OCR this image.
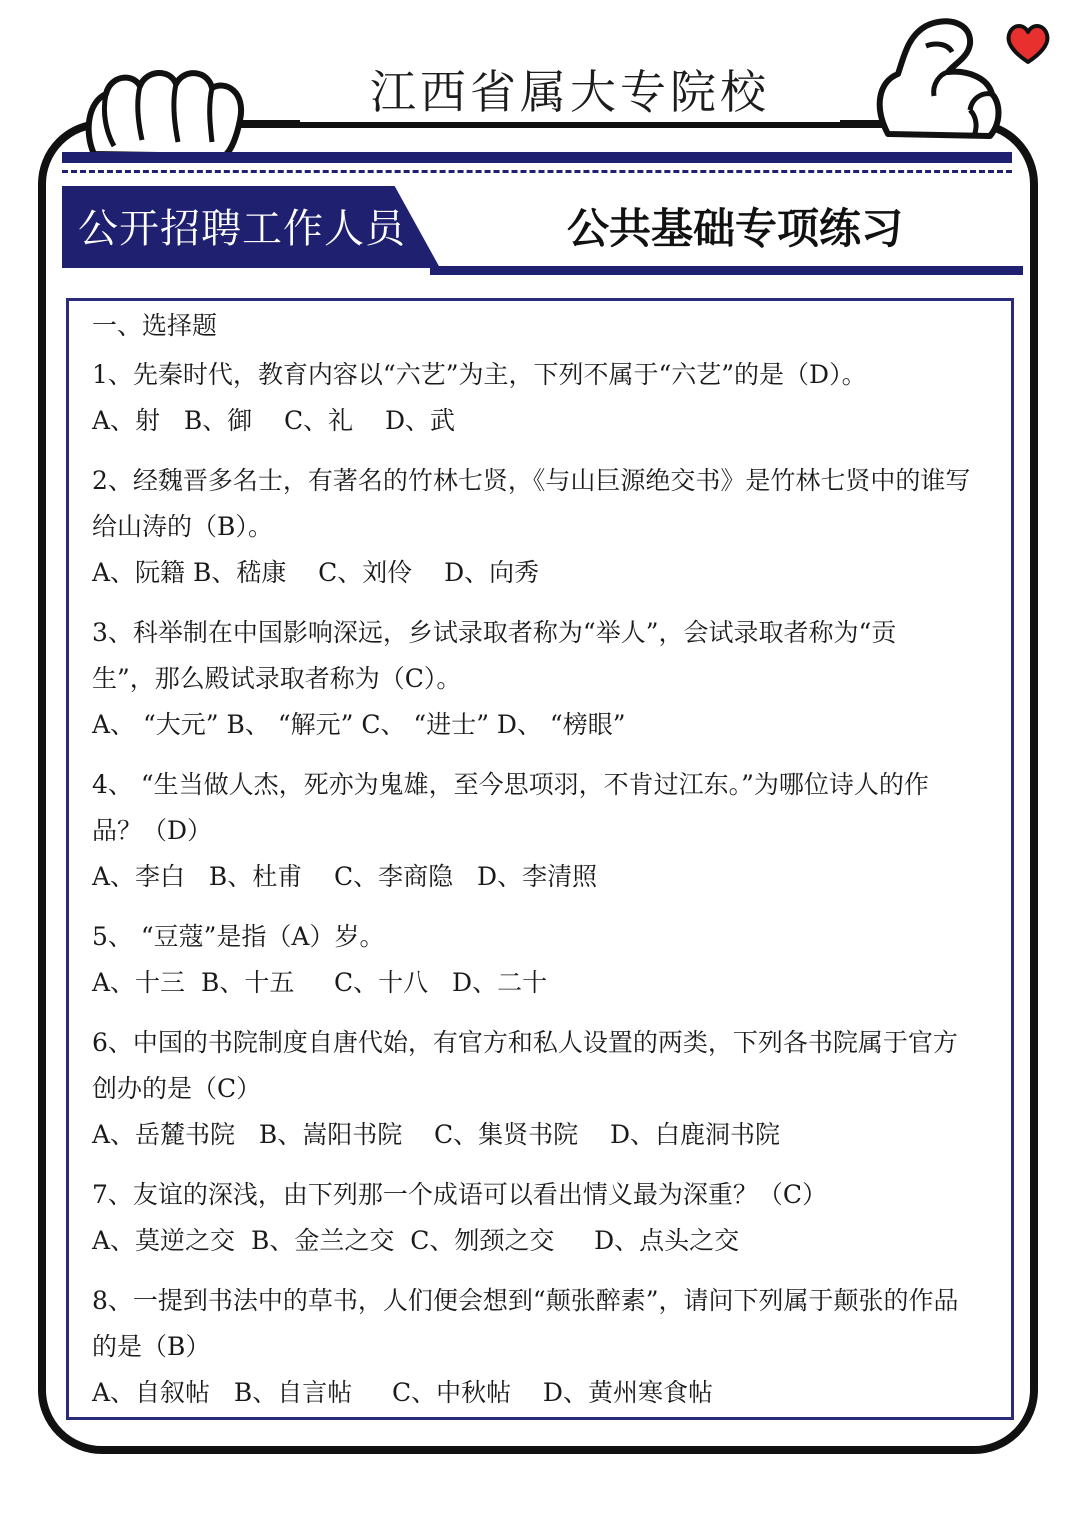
江西省属大专院校
公开招聘工作人员	公共基础专项练习
一、选择题
1、先秦时代，教育内容以“六艺”为主，下列不属于“六艺”的是（D）。
A、射   B、御    C、礼    D、武
2、经魏晋多名士，有著名的竹林七贤，《与山巨源绝交书》是竹林七贤中的谁写
给山涛的（B）。
A、阮籍 B、嵇康    C、刘伶    D、向秀
3、科举制在中国影响深远，乡试录取者称为“举人”，会试录取者称为“贡
生”，那么殿试录取者称为（C）。
A、 “大元” B、 “解元” C、 “进士” D、 “榜眼”
4、 “生当做人杰，死亦为鬼雄，至今思项羽，不肯过江东。”为哪位诗人的作
品？（D）
A、李白   B、杜甫    C、李商隐   D、李清照
5、 “豆蔻”是指（A）岁。
A、十三  B、十五     C、十八   D、二十
6、中国的书院制度自唐代始，有官方和私人设置的两类，下列各书院属于官方
创办的是（C）
A、岳麓书院   B、嵩阳书院    C、集贤书院    D、白鹿洞书院
7、友谊的深浅，由下列那一个成语可以看出情义最为深重？（C）
A、莫逆之交  B、金兰之交  C、刎颈之交     D、点头之交
8、一提到书法中的草书，人们便会想到“颠张醉素”，请问下列属于颠张的作品
的是（B）
A、自叙帖   B、自言帖     C、中秋帖    D、黄州寒食帖
